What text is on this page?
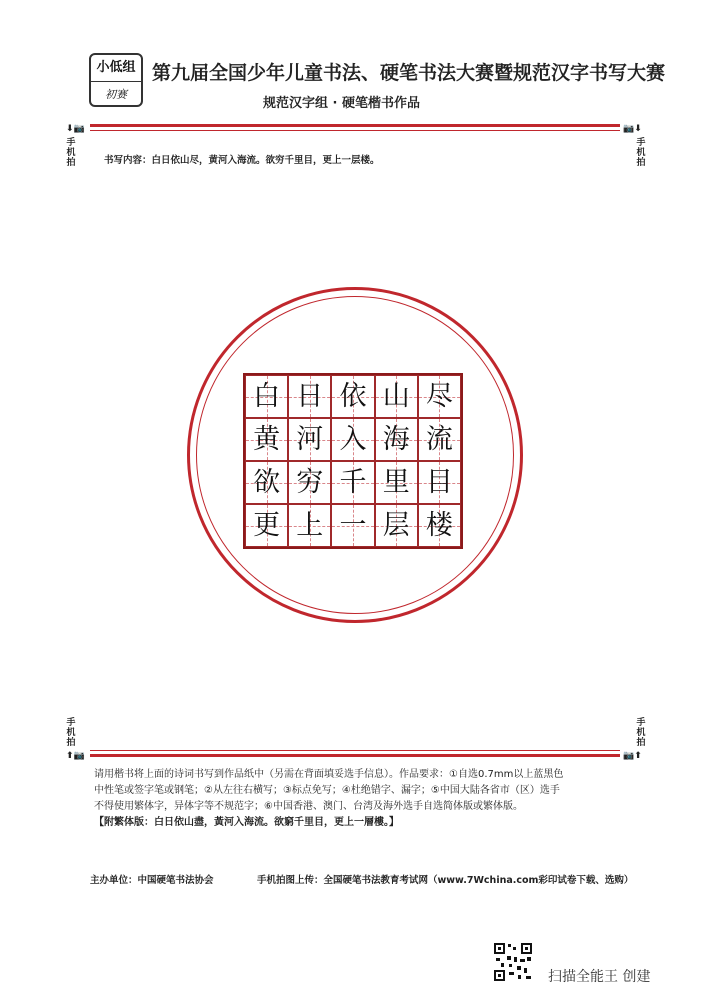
小低组
初赛
第九届全国少年儿童书法、硬笔书法大赛暨规范汉字书写大赛
规范汉字组 · 硬笔楷书作品
⬇📷	📷⬇
手
机
拍
手
机
拍
书写内容：白日依山尽，黄河入海流。欲穷千里目，更上一层楼。
白 日 依 山 尽
黄 河 入 海 流
欲 穷 千 里 目
更 上 一 层 楼
手
机
拍
手
机
拍
⬆📷	📷⬆

请用楷书将上面的诗词书写到作品纸中（另需在背面填妥选手信息）。作品要求：①自选0.7mm以上蓝黑色

中性笔或签字笔或钢笔；②从左往右横写；③标点免写；④杜绝错字、漏字；⑤中国大陆各省市（区）选手

不得使用繁体字，异体字等不规范字；⑥中国香港、澳门、台湾及海外选手自选简体版或繁体版。

【附繁体版：白日依山盡，黃河入海流。欲窮千里目，更上一層樓。】

主办单位：中国硬笔书法协会	手机拍图上传：全国硬笔书法教育考试网（www.7Wchina.com彩印试卷下载、选购）
扫描全能王 创建
